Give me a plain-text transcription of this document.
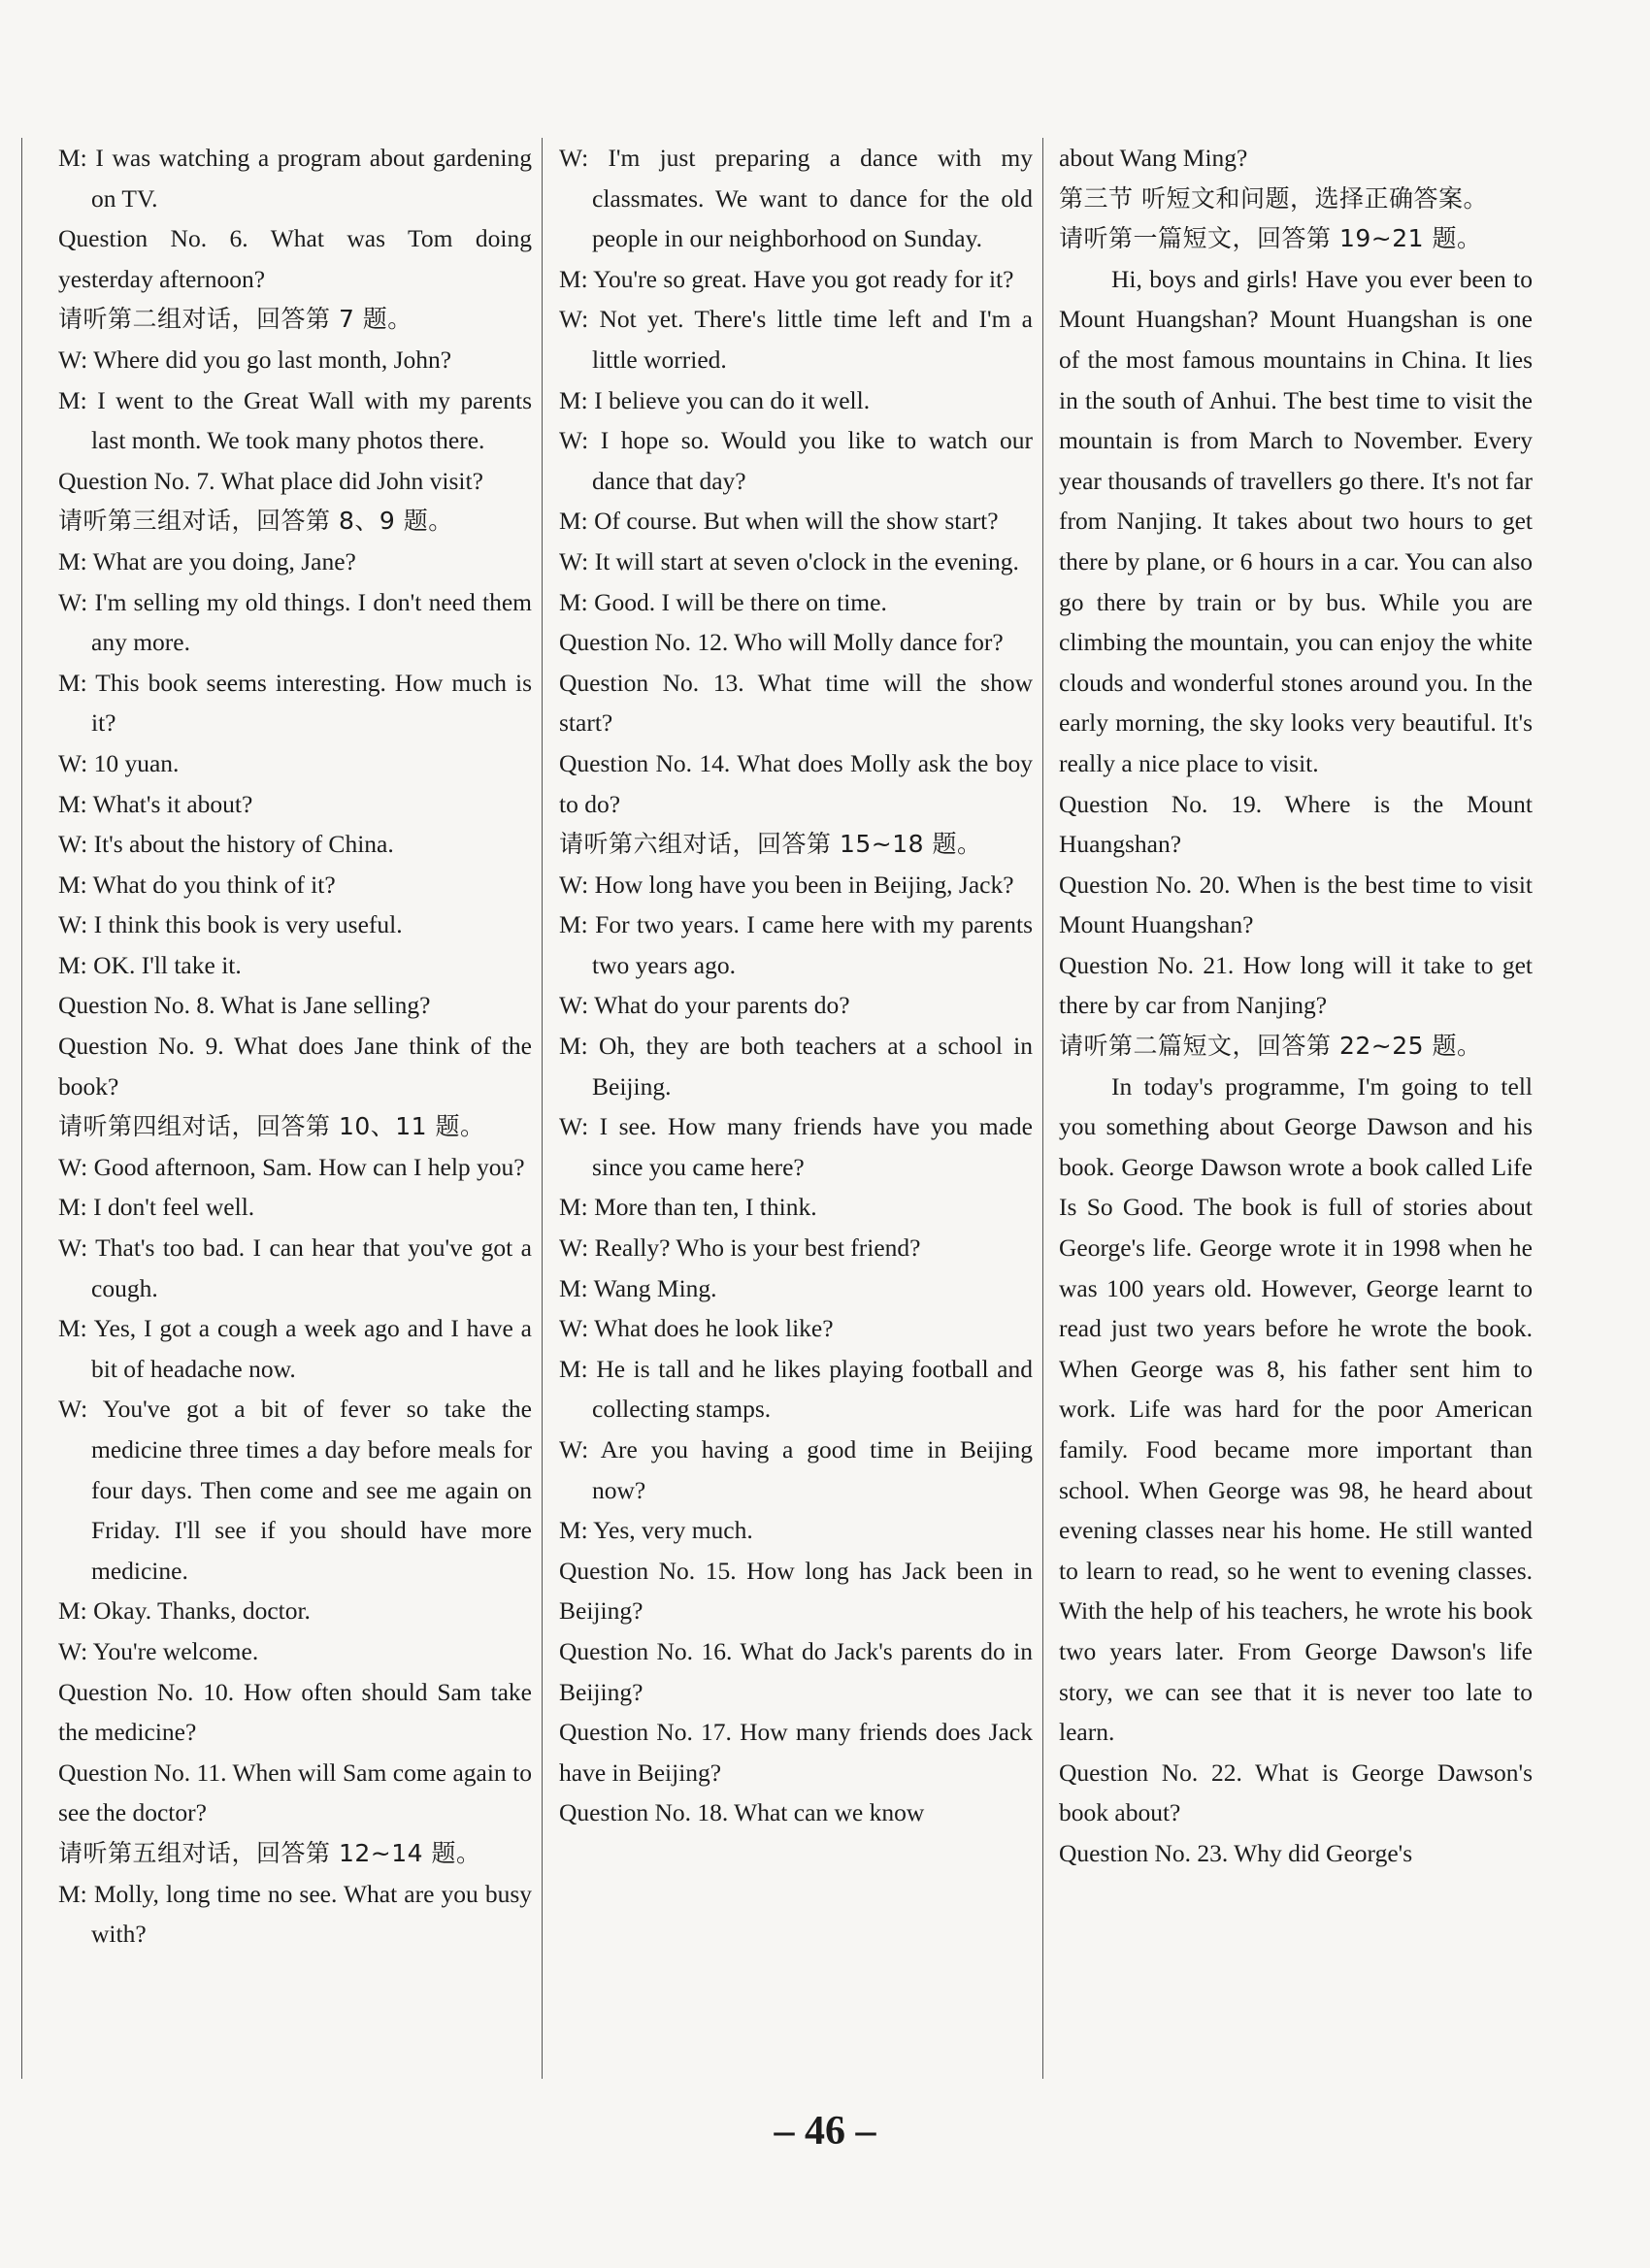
M: I was watching a program about gardening on TV.

Question No. 6. What was Tom doing yesterday afternoon?

请听第二组对话，回答第 7 题。

W: Where did you go last month, John?

M: I went to the Great Wall with my parents last month. We took many photos there.

Question No. 7. What place did John visit?

请听第三组对话，回答第 8、9 题。

M: What are you doing, Jane?

W: I'm selling my old things. I don't need them any more.

M: This book seems interesting. How much is it?

W: 10 yuan.

M: What's it about?

W: It's about the history of China.

M: What do you think of it?

W: I think this book is very useful.

M: OK. I'll take it.

Question No. 8. What is Jane selling?

Question No. 9. What does Jane think of the book?

请听第四组对话，回答第 10、11 题。

W: Good afternoon, Sam. How can I help you?

M: I don't feel well.

W: That's too bad. I can hear that you've got a cough.

M: Yes, I got a cough a week ago and I have a bit of headache now.

W: You've got a bit of fever so take the medicine three times a day before meals for four days. Then come and see me again on Friday. I'll see if you should have more medicine.

M: Okay. Thanks, doctor.

W: You're welcome.

Question No. 10. How often should Sam take the medicine?

Question No. 11. When will Sam come again to see the doctor?

请听第五组对话，回答第 12~14 题。

M: Molly, long time no see. What are you busy with?

W: I'm just preparing a dance with my classmates. We want to dance for the old people in our neighborhood on Sunday.

M: You're so great. Have you got ready for it?

W: Not yet. There's little time left and I'm a little worried.

M: I believe you can do it well.

W: I hope so. Would you like to watch our dance that day?

M: Of course. But when will the show start?

W: It will start at seven o'clock in the evening.

M: Good. I will be there on time.

Question No. 12. Who will Molly dance for?

Question No. 13. What time will the show start?

Question No. 14. What does Molly ask the boy to do?

请听第六组对话，回答第 15~18 题。

W: How long have you been in Beijing, Jack?

M: For two years. I came here with my parents two years ago.

W: What do your parents do?

M: Oh, they are both teachers at a school in Beijing.

W: I see. How many friends have you made since you came here?

M: More than ten, I think.

W: Really? Who is your best friend?

M: Wang Ming.

W: What does he look like?

M: He is tall and he likes playing football and collecting stamps.

W: Are you having a good time in Beijing now?

M: Yes, very much.

Question No. 15. How long has Jack been in Beijing?

Question No. 16. What do Jack's parents do in Beijing?

Question No. 17. How many friends does Jack have in Beijing?

Question No. 18. What can we know

about Wang Ming?

第三节 听短文和问题，选择正确答案。

请听第一篇短文，回答第 19~21 题。

Hi, boys and girls! Have you ever been to Mount Huangshan? Mount Huangshan is one of the most famous mountains in China. It lies in the south of Anhui. The best time to visit the mountain is from March to November. Every year thousands of travellers go there. It's not far from Nanjing. It takes about two hours to get there by plane, or 6 hours in a car. You can also go there by train or by bus. While you are climbing the mountain, you can enjoy the white clouds and wonderful stones around you. In the early morning, the sky looks very beautiful. It's really a nice place to visit.

Question No. 19. Where is the Mount Huangshan?

Question No. 20. When is the best time to visit Mount Huangshan?

Question No. 21. How long will it take to get there by car from Nanjing?

请听第二篇短文，回答第 22~25 题。

In today's programme, I'm going to tell you something about George Dawson and his book. George Dawson wrote a book called Life Is So Good. The book is full of stories about George's life. George wrote it in 1998 when he was 100 years old. However, George learnt to read just two years before he wrote the book. When George was 8, his father sent him to work. Life was hard for the poor American family. Food became more important than school. When George was 98, he heard about evening classes near his home. He still wanted to learn to read, so he went to evening classes. With the help of his teachers, he wrote his book two years later. From George Dawson's life story, we can see that it is never too late to learn.

Question No. 22. What is George Dawson's book about?

Question No. 23. Why did George's

– 46 –
